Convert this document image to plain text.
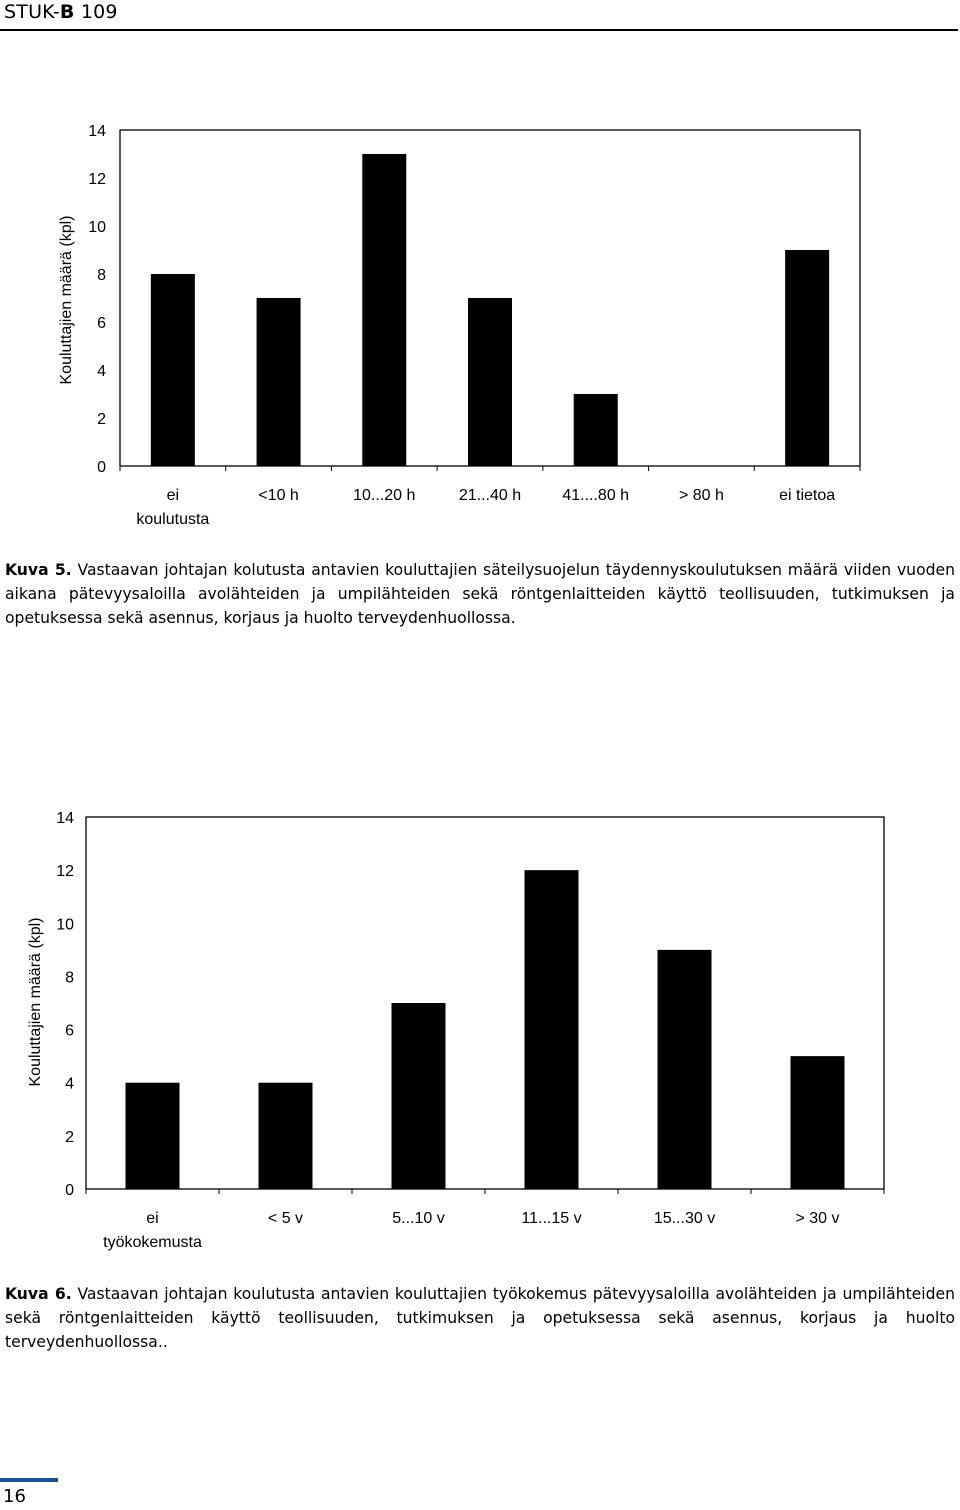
STUK-B 109
0
2
4
6
8
10
12
14
ei koulutusta
<10 h	10...20 h	21...40 h	41....80 h	> 80 h	ei tietoa
Kouluttajien määrä (kpl)
Kuva 5. Vastaavan johtajan kolutusta antavien kouluttajien säteilysuojelun täydennyskoulutuksen määrä viiden vuoden aikana pätevyysaloilla avolähteiden ja umpilähteiden sekä röntgenlaitteiden käyttö teollisuuden, tutkimuksen ja opetuksessa sekä asennus, korjaus ja huolto terveydenhuollossa.
0
2
4
6
8
10
12
14
ei työkokemusta
< 5 v	5...10 v	11...15 v	15...30 v	> 30 v
Kouluttajien määrä (kpl)
Kuva 6. Vastaavan johtajan koulutusta antavien kouluttajien työkokemus pätevyysaloilla avolähteiden ja umpilähteiden sekä röntgenlaitteiden käyttö teollisuuden, tutkimuksen ja opetuksessa sekä asennus, korjaus ja huolto terveydenhuollossa..
16
